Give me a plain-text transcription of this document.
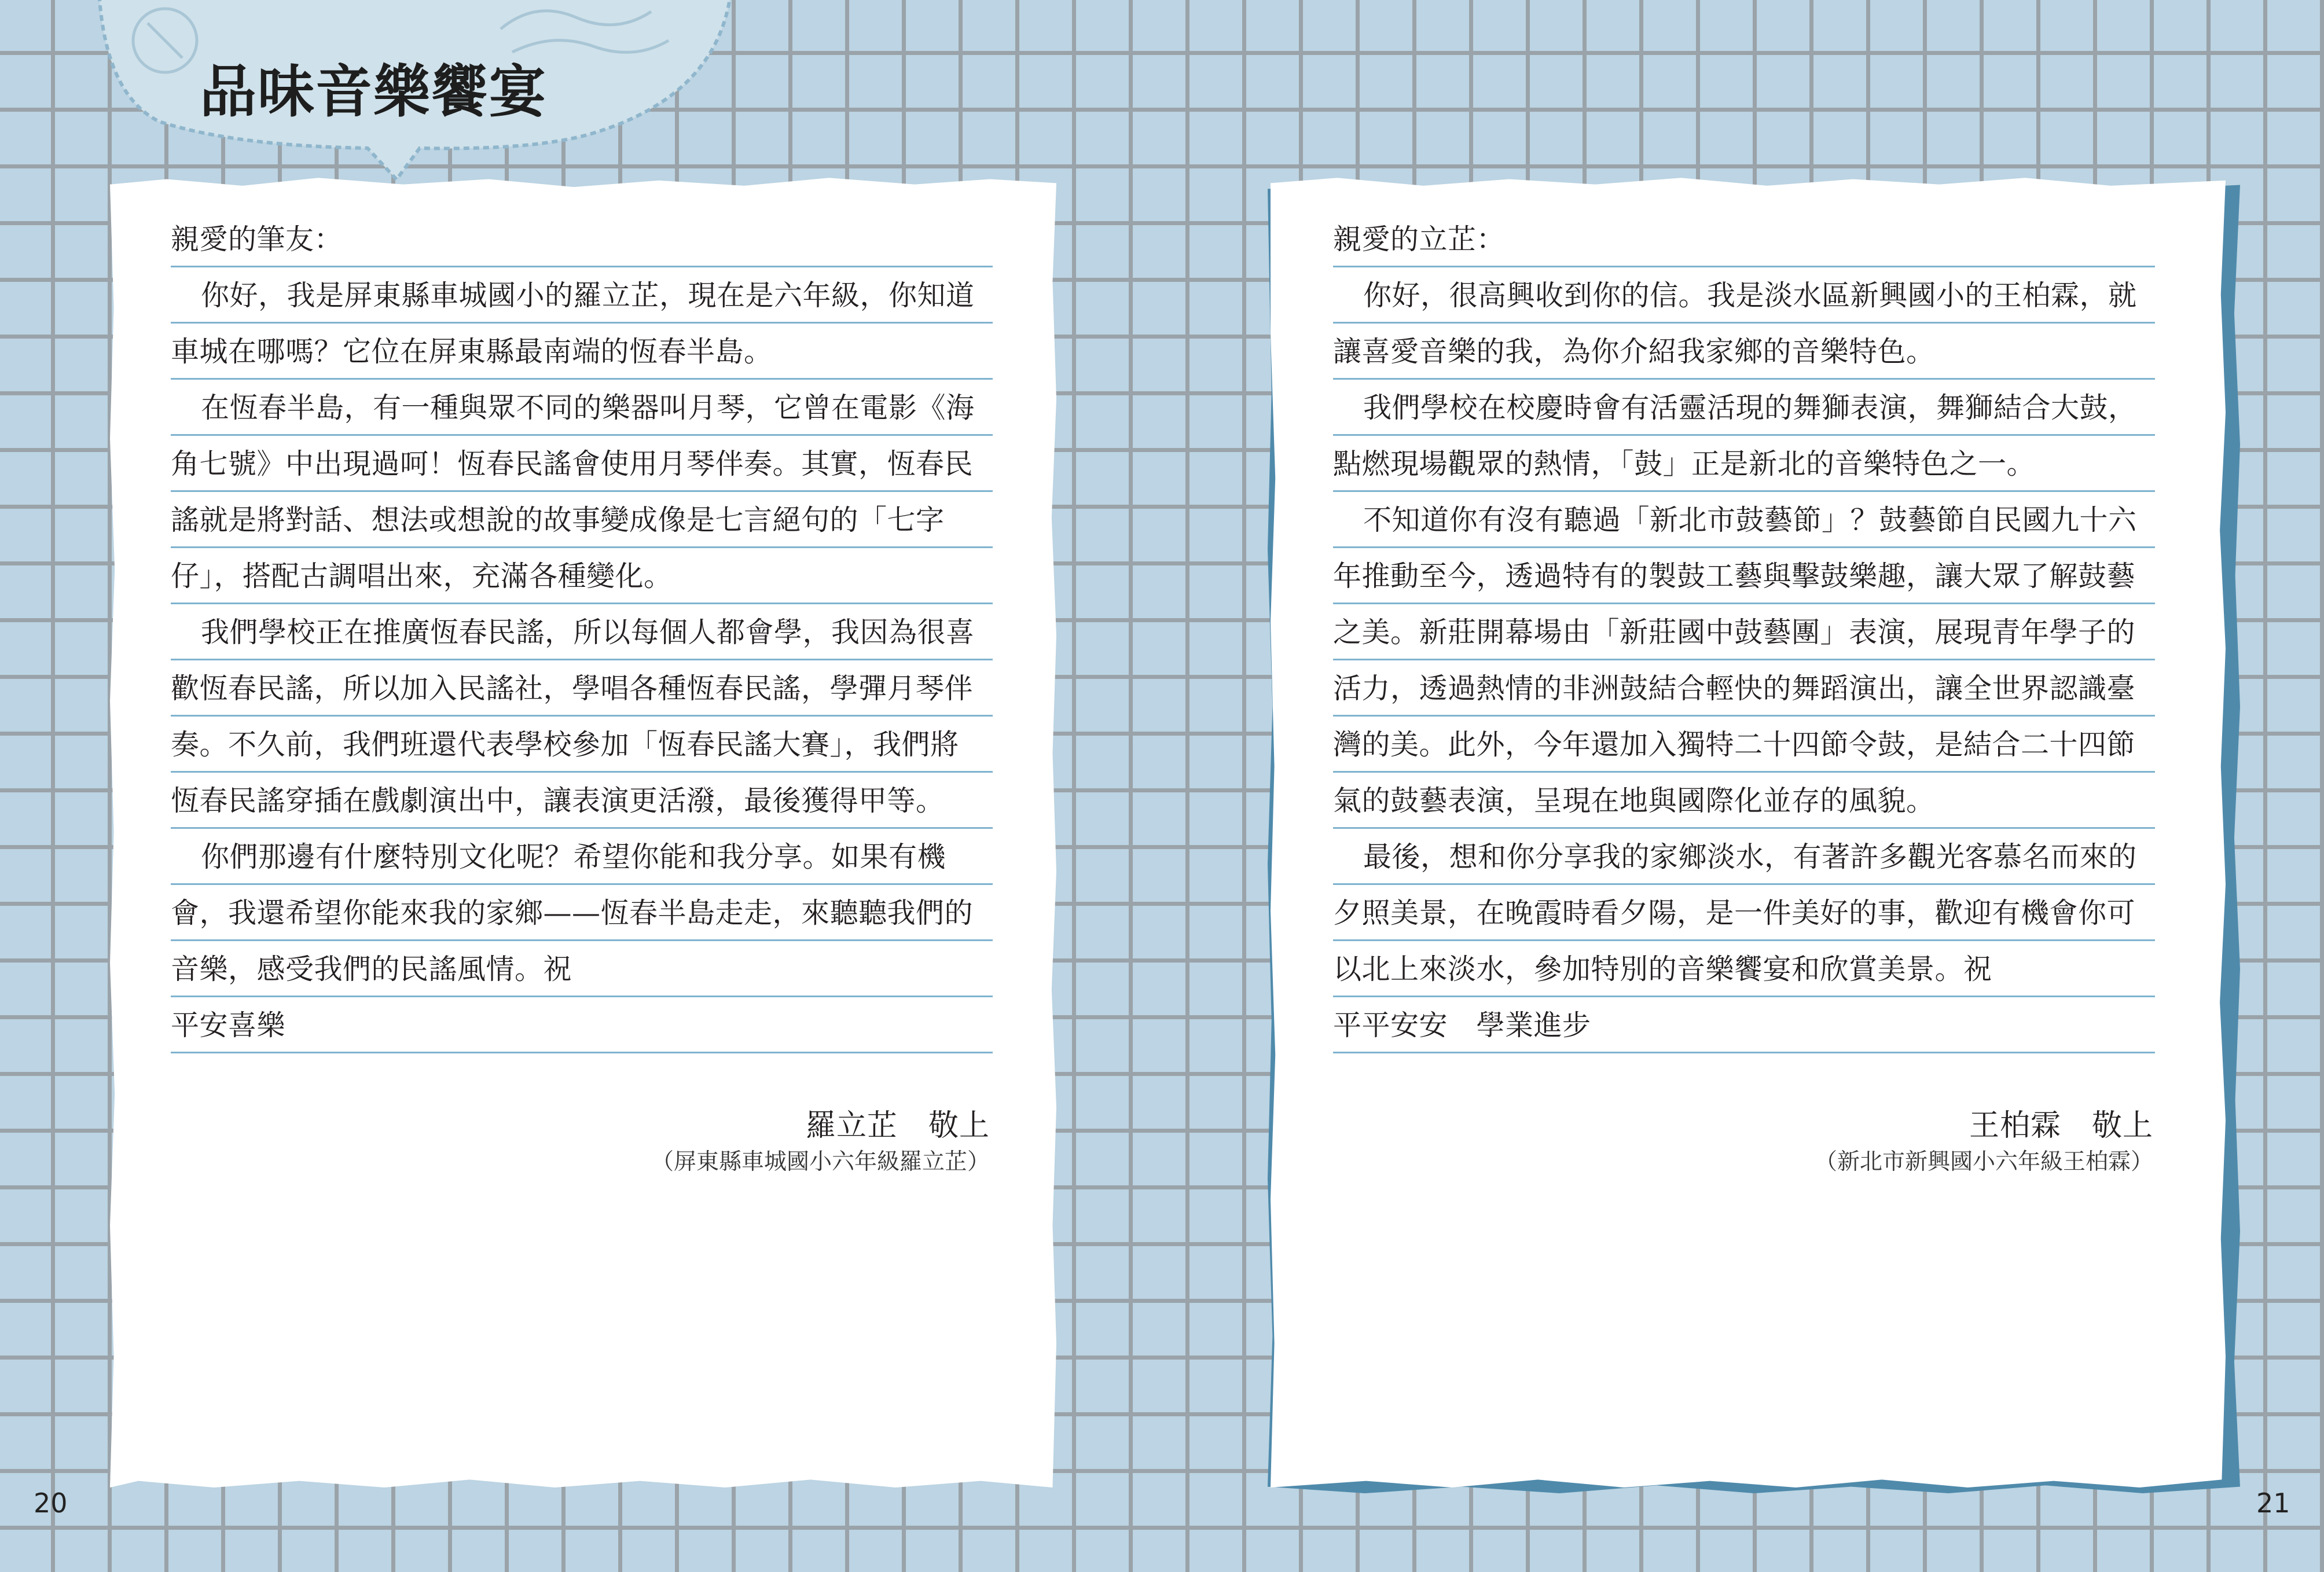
品味音樂饗宴
親愛的筆友：
你好，我是屏東縣車城國小的羅立芷，現在是六年級，你知道
車城在哪嗎？它位在屏東縣最南端的恆春半島。
在恆春半島，有一種與眾不同的樂器叫月琴，它曾在電影《海
角七號》中出現過呵！恆春民謠會使用月琴伴奏。其實，恆春民
謠就是將對話、想法或想說的故事變成像是七言絕句的「七字
仔」，搭配古調唱出來，充滿各種變化。
我們學校正在推廣恆春民謠，所以每個人都會學，我因為很喜
歡恆春民謠，所以加入民謠社，學唱各種恆春民謠，學彈月琴伴
奏。不久前，我們班還代表學校參加「恆春民謠大賽」，我們將
恆春民謠穿插在戲劇演出中，讓表演更活潑，最後獲得甲等。
你們那邊有什麼特別文化呢？希望你能和我分享。如果有機
會，我還希望你能來我的家鄉——恆春半島走走，來聽聽我們的
音樂，感受我們的民謠風情。祝
平安喜樂
羅立芷　敬上
（屏東縣車城國小六年級羅立芷）
親愛的立芷：
你好，很高興收到你的信。我是淡水區新興國小的王柏霖，就
讓喜愛音樂的我，為你介紹我家鄉的音樂特色。
我們學校在校慶時會有活靈活現的舞獅表演，舞獅結合大鼓，
點燃現場觀眾的熱情，「鼓」正是新北的音樂特色之一。
不知道你有沒有聽過「新北市鼓藝節」？鼓藝節自民國九十六
年推動至今，透過特有的製鼓工藝與擊鼓樂趣，讓大眾了解鼓藝
之美。新莊開幕場由「新莊國中鼓藝團」表演，展現青年學子的
活力，透過熱情的非洲鼓結合輕快的舞蹈演出，讓全世界認識臺
灣的美。此外，今年還加入獨特二十四節令鼓，是結合二十四節
氣的鼓藝表演，呈現在地與國際化並存的風貌。
最後，想和你分享我的家鄉淡水，有著許多觀光客慕名而來的
夕照美景，在晚霞時看夕陽，是一件美好的事，歡迎有機會你可
以北上來淡水，參加特別的音樂饗宴和欣賞美景。祝
平平安安　學業進步
王柏霖　敬上
（新北市新興國小六年級王柏霖）
20	21
